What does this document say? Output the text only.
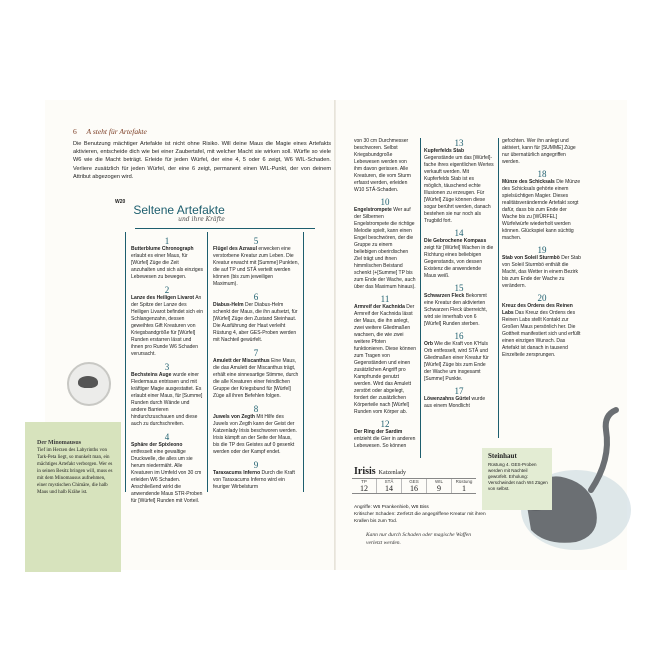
6 A steht für Artefakte
Die Benutzung mächtiger Artefakte ist nicht ohne Risiko. Will deine Maus die Magie eines Artefakts aktivieren, entscheide dich wie bei einer Zaubertafel, mit welcher Macht sie wirken soll. Würfle so viele W6 wie die Macht beträgt. Erleide für jeden Würfel, der eine 4, 5 oder 6 zeigt, W6 WIL-Schaden. Verliere zusätzlich für jeden Würfel, der eine 6 zeigt, permanent einen WIL-Punkt, der von deinem Attribut abgezogen wird.
$^{W20}$ Seltene Artefakte
und ihre Kräfte
1
Butterblume Chronograph erlaubt es einer Maus, für [Würfel] Züge die Zeit anzuhalten und sich als einziges Lebewesen zu bewegen.
2
Lanze des Heiligen Livarot An der Spitze der Lanze des Heiligen Livarot befindet sich ein Schlangenzahn, dessen geweihtes Gift Kreaturen von Kriegsbandgröße für [Würfel] Runden erstarren lässt und ihnen pro Runde W6 Schaden verursacht.
3
Bechsteins Auge wurde einer Fledermaus entrissen und mit kräftiger Magie ausgestattet. Es erlaubt einer Maus, für [Summe] Runden durch Wände und andere Barrieren hindurchzuschauen und diese auch zu durchschreiten.
4
Sphäre der Spixleono entfesselt eine gewaltige Druckwelle, die alles um sie herum niedermäht. Alle Kreaturen im Umfeld von 30 cm erleiden W6 Schaden. Anschließend wirkt die anwendende Maus STR-Proben für [Würfel] Runden mit Vorteil.
5
Flügel des Azrasul erwecken eine verstorbene Kreatur zum Leben. Die Kreatur erwacht mit [Summe] Punkten, die auf TP und STÄ verteilt werden können (bis zum jeweiligen Maximum).
6
Diabus-Helm Der Diabus-Helm schenkt der Maus, die ihn aufsetzt, für [Würfel] Züge den Zustand Steinhaut. Die Ausführung der Haut verleiht Rüstung 4, aber GES-Proben werden mit Nachteil gewürfelt.
7
Amulett der Miscanthus Eine Maus, die das Amulett der Miscanthus trägt, erhält eine sinnesartige Stimme, durch die alle Kreaturen einer feindlichen Gruppe der Kriegsbund für [Würfel] Züge all ihren Befehlen folgen.
8
Juwels von Zegth Mit Hilfe des Juwels von Zegth kann der Geist der Katzenlady Irisis beschworen werden. Irisis kämpft an der Seite der Maus, bis die TP des Geistes auf 0 gesenkt werden oder der Kampf endet.
9
Taraxacums Inferno Durch die Kraft von Taraxacums Inferno wird ein feuriger Wirbelsturm
Der Minomausus
Tief im Herzen des Labyrinths von Tark-Peta liegt, so munkelt man, ein mächtiges Artefakt verborgen. Wer es in seinen Besitz bringen will, muss es mit dem Minomausus aufnehmen, einer mystischen Chimäre, die halb Maus und halb Krähe ist.
von 30 cm Durchmesser beschworen. Selbst Kriegsbundgroße Lebewesen werden von ihm davon gerissen. Alle Kreaturen, die vom Sturm erfasst werden, erleiden W10 STÄ-Schaden.
10
Engelstrompete Wer auf der Silbernen Engelstrompete die richtige Melodie spielt, kann einen Engel beschwören, der die Gruppe zu einem beliebigen oberirdischen Ziel trägt und ihnen himmlischen Beistand schenkt (+[Summe] TP bis zum Ende der Wache, auch über das Maximum hinaus).
11
Armreif der Kachnida Der Armreif der Kachnida lässt der Maus, die ihn anlegt, zwei weitere Gliedmaßen wachsen, die wie zwei weitere Pfoten funktionieren. Diese können zum Tragen von Gegenständen und einen zusätzlichen Angriff pro Kampfrunde genutzt werden. Wird das Amulett zerstört oder abgelegt, fordert der zusätzlichen Körperteile nach [Würfel] Runden vom Körper ab.
12
Der Ring der Sardim entzieht die Gier in anderen Lebewesen. So können
13
Kupferfelds Stab Gegenstände um das [Würfel]-fache ihres eigentlichen Wertes verkauft werden. Mit Kupferfelds Stab ist es möglich, täuschend echte Illusionen zu erzeugen. Für [Würfel] Züge können diese sogar berührt werden, danach bestehen sie nur noch als Trugbild fort.
14
Die Gebrochene Kompass zeigt für [Würfel] Wachen in die Richtung eines beliebigen Gegenstands, von dessen Existenz die anwendende Maus weiß.
15
Schwarzen Fleck Bekommt eine Kreatur den aktivierten Schwarzen Fleck überreicht, wird sie innerhalb von 6 [Würfel] Runden sterben.
16
Orb Wie die Kraft von K'Huls Orb entfesselt, wird STÄ und Gliedmaßen einer Kreatur für [Würfel] Züge bis zum Ende der Wache um insgesamt [Summe] Punkte.
17
Löwenzahns Gürtel wurde aus einem Mondlicht
gefochten. Wer ihn anlegt und aktiviert, kann für [SUMME] Züge nur übernatürlich angegriffen werden.
18
Münze des Schicksals Die Münze des Schicksals gehörte einem spielsüchtigen Magier. Dieses realitätsverändernde Artefakt sorgt dafür, dass bis zum Ende der Wache bis zu [WÜRFEL] Würfelwürfe wiederholt werden können. Glückspiel kann süchtig machen.
19
Stab von Soleil Sturmbö Der Stab von Soleil Sturmbö enthält die Macht, das Wetter in einem Bezirk bis zum Ende der Wache zu verändern.
20
Kreuz des Ordens des Reinen Labs Das Kreuz des Ordens des Reinen Labs stellt Kontakt zur Großen Maus persönlich her. Die Gottheit manifestiert sich und erfüllt einen einzigen Wunsch. Das Artefakt ist danach in tausend Einzelteile zersprungen.
Steinhaut
Rüstung 4. GES-Proben werden mit Nachteil gewürfelt. Erholung: Verschwindet nach W4 Zügen von selbst.
Irisis Katzenlady
TP
12
STÄ
14
GES
16
WIL
9
Rüstung
1
Angriffe: W6 Prankenhieb, W8 Biss
Kritischer Schaden: Zerfetzt die angegriffene Kreatur mit ihren Krallen bis zum Tod.
Kann nur durch Schaden oder magische Waffen verletzt werden.
